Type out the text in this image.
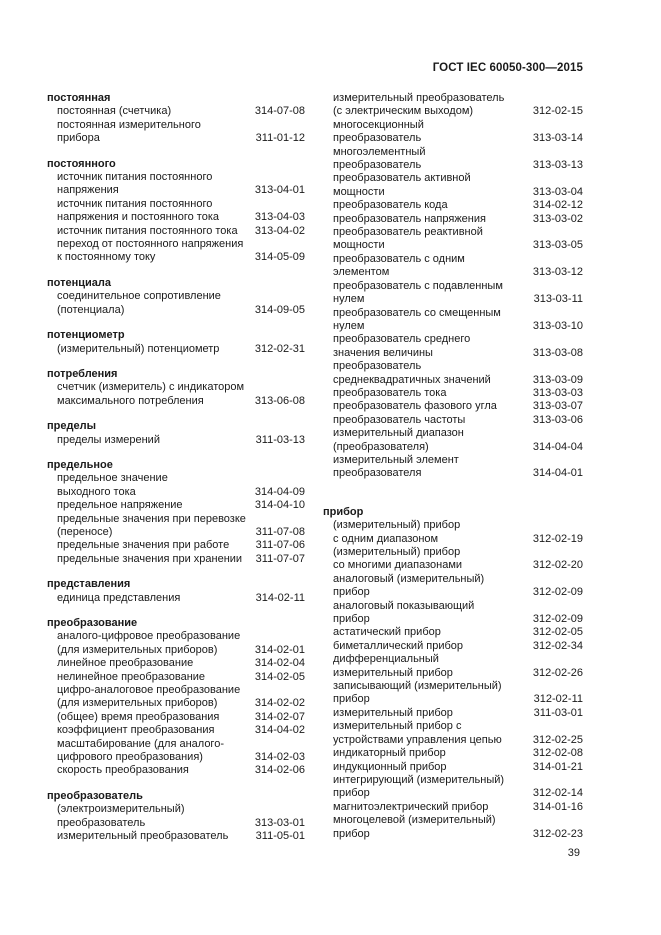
ГОСТ IEC 60050-300—2015
постоянная
постоянная (счетчика)	314-07-08
постоянная измерительного
прибора	311-01-12
постоянного
источник питания постоянного
напряжения	313-04-01
источник питания постоянного
напряжения и постоянного тока	313-04-03
источник питания постоянного тока	313-04-02
переход от постоянного напряжения
к постоянному току	314-05-09
потенциала
соединительное сопротивление
(потенциала)	314-09-05
потенциометр
(измерительный) потенциометр	312-02-31
потребления
счетчик (измеритель) с индикатором
максимального потребления	313-06-08
пределы
пределы измерений	311-03-13
предельное
предельное значение
выходного тока	314-04-09
предельное напряжение	314-04-10
предельные значения при перевозке
(переносе)	311-07-08
предельные значения при работе	311-07-06
предельные значения при хранении	311-07-07
представления
единица представления	314-02-11
преобразование
аналого-цифровое преобразование
(для измерительных приборов)	314-02-01
линейное преобразование	314-02-04
нелинейное преобразование	314-02-05
цифро-аналоговое преобразование
(для измерительных приборов)	314-02-02
(общее) время преобразования	314-02-07
коэффициент преобразования	314-04-02
масштабирование (для аналого-
цифрового преобразования)	314-02-03
скорость преобразования	314-02-06
преобразователь
(электроизмерительный)
преобразователь	313-03-01
измерительный преобразователь	311-05-01
измерительный преобразователь
(с электрическим выходом)	312-02-15
многосекционный
преобразователь	313-03-14
многоэлементный
преобразователь	313-03-13
преобразователь активной
мощности	313-03-04
преобразователь кода	314-02-12
преобразователь напряжения	313-03-02
преобразователь реактивной
мощности	313-03-05
преобразователь с одним
элементом	313-03-12
преобразователь с подавленным
нулем	313-03-11
преобразователь со смещенным
нулем	313-03-10
преобразователь среднего
значения величины	313-03-08
преобразователь
среднеквадратичных значений	313-03-09
преобразователь тока	313-03-03
преобразователь фазового угла	313-03-07
преобразователь частоты	313-03-06
измерительный диапазон
(преобразователя)	314-04-04
измерительный элемент
преобразователя	314-04-01
прибор
(измерительный) прибор
с одним диапазоном	312-02-19
(измерительный) прибор
со многими диапазонами	312-02-20
аналоговый (измерительный)
прибор	312-02-09
аналоговый показывающий
прибор	312-02-09
астатический прибор	312-02-05
биметаллический прибор	312-02-34
дифференциальный
измерительный прибор	312-02-26
записывающий (измерительный)
прибор	312-02-11
измерительный прибор	311-03-01
измерительный прибор с
устройствами управления цепью	312-02-25
индикаторный прибор	312-02-08
индукционный прибор	314-01-21
интегрирующий (измерительный)
прибор	312-02-14
магнитоэлектрический прибор	314-01-16
многоцелевой (измерительный)
прибор	312-02-23
39
